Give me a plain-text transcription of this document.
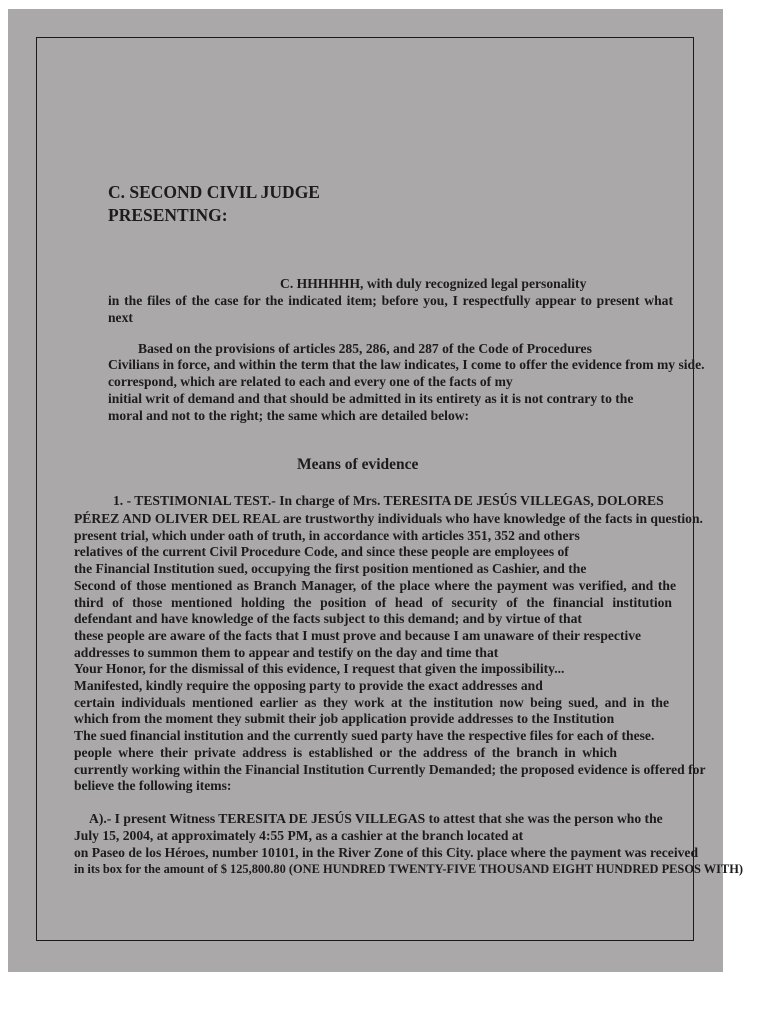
C. SECOND CIVIL JUDGE
PRESENTING:
C. HHHHHH, with duly recognized legal personality
in the files of the case for the indicated item; before you, I respectfully appear to present what
next
Based on the provisions of articles 285, 286, and 287 of the Code of Procedures
Civilians in force, and within the term that the law indicates, I come to offer the evidence from my side.
correspond, which are related to each and every one of the facts of my
initial writ of demand and that should be admitted in its entirety as it is not contrary to the
moral and not to the right; the same which are detailed below:
Means of evidence
1. - TESTIMONIAL TEST.- In charge of Mrs. TERESITA DE JESÚS VILLEGAS, DOLORES
PÉREZ AND OLIVER DEL REAL are trustworthy individuals who have knowledge of the facts in question.
present trial, which under oath of truth, in accordance with articles 351, 352 and others
relatives of the current Civil Procedure Code, and since these people are employees of
the Financial Institution sued, occupying the first position mentioned as Cashier, and the
Second of those mentioned as Branch Manager, of the place where the payment was verified, and the
third of those mentioned holding the position of head of security of the financial institution
defendant and have knowledge of the facts subject to this demand; and by virtue of that
these people are aware of the facts that I must prove and because I am unaware of their respective
addresses to summon them to appear and testify on the day and time that
Your Honor, for the dismissal of this evidence, I request that given the impossibility...
Manifested, kindly require the opposing party to provide the exact addresses and
certain individuals mentioned earlier as they work at the institution now being sued, and in the
which from the moment they submit their job application provide addresses to the Institution
The sued financial institution and the currently sued party have the respective files for each of these.
people where their private address is established or the address of the branch in which
currently working within the Financial Institution Currently Demanded; the proposed evidence is offered for
believe the following items:
A).- I present Witness TERESITA DE JESÚS VILLEGAS to attest that she was the person who the
July 15, 2004, at approximately 4:55 PM, as a cashier at the branch located at
on Paseo de los Héroes, number 10101, in the River Zone of this City. place where the payment was received
in its box for the amount of $ 125,800.80 (ONE HUNDRED TWENTY-FIVE THOUSAND EIGHT HUNDRED PESOS WITH)
